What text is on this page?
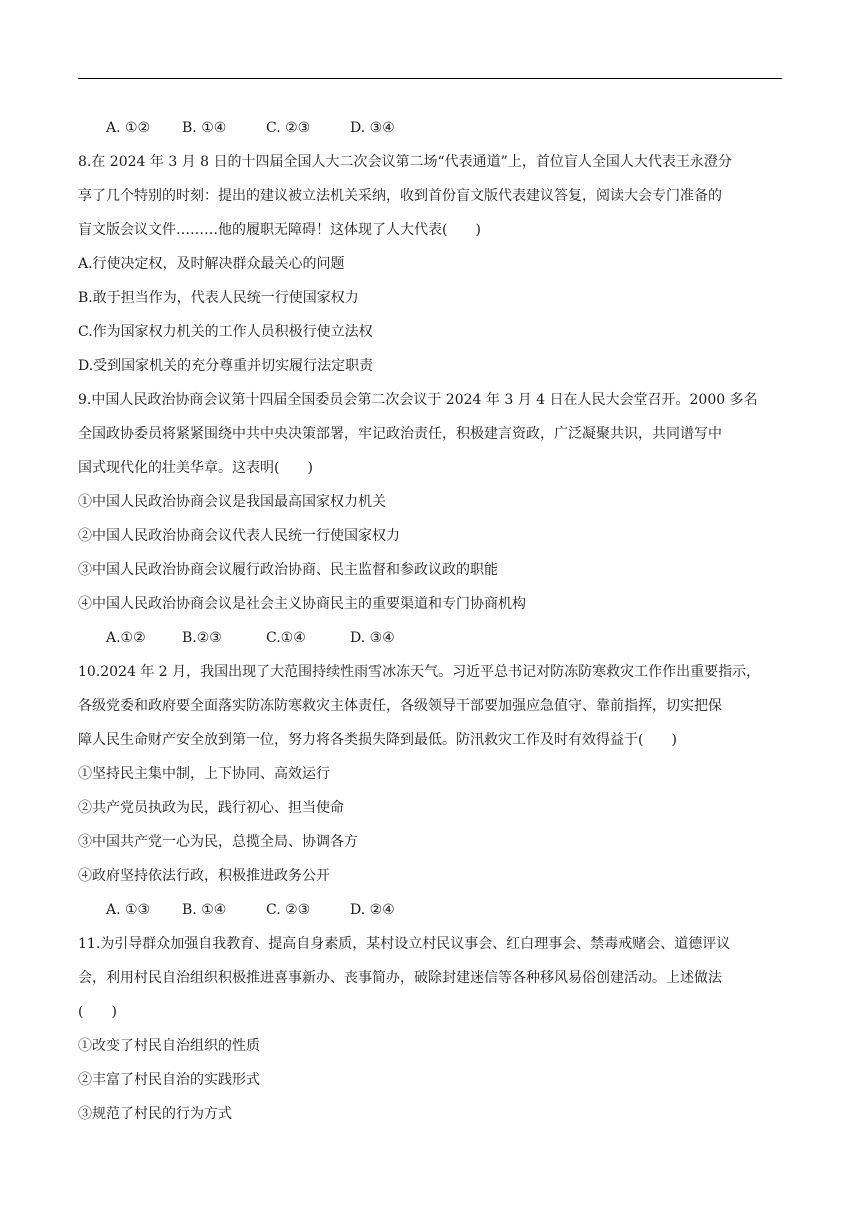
A. ①② B. ①④	C. ②③	D. ③④
8.在 2024 年 3 月 8 日的十四届全国人大二次会议第二场“代表通道”上，首位盲人全国人大代表王永澄分
享了几个特别的时刻：提出的建议被立法机关采纳，收到首份盲文版代表建议答复，阅读大会专门准备的
盲文版会议文件………他的履职无障碍！这体现了人大代表(　　)
A.行使决定权，及时解决群众最关心的问题
B.敢于担当作为，代表人民统一行使国家权力
C.作为国家权力机关的工作人员积极行使立法权
D.受到国家机关的充分尊重并切实履行法定职责
9.中国人民政治协商会议第十四届全国委员会第二次会议于 2024 年 3 月 4 日在人民大会堂召开。2000 多名
全国政协委员将紧紧围绕中共中央决策部署，牢记政治责任，积极建言资政，广泛凝聚共识，共同谱写中
国式现代化的壮美华章。这表明(　　)
①中国人民政治协商会议是我国最高国家权力机关
②中国人民政治协商会议代表人民统一行使国家权力
③中国人民政治协商会议履行政治协商、民主监督和参政议政的职能
④中国人民政治协商会议是社会主义协商民主的重要渠道和专门协商机构
A.①②	B.②③	C.①④	D. ③④
10.2024 年 2 月，我国出现了大范围持续性雨雪冰冻天气。习近平总书记对防冻防寒救灾工作作出重要指示，
各级党委和政府要全面落实防冻防寒救灾主体责任，各级领导干部要加强应急值守、靠前指挥，切实把保
障人民生命财产安全放到第一位，努力将各类损失降到最低。防汛救灾工作及时有效得益于(　　)
①坚持民主集中制，上下协同、高效运行
②共产党员执政为民，践行初心、担当使命
③中国共产党一心为民，总揽全局、协调各方
④政府坚持依法行政，积极推进政务公开
A. ①③ B. ①④	C. ②③	D. ②④
11.为引导群众加强自我教育、提高自身素质，某村设立村民议事会、红白理事会、禁毒戒赌会、道德评议
会，利用村民自治组织积极推进喜事新办、丧事简办，破除封建迷信等各种移风易俗创建活动。上述做法
(　　)
①改变了村民自治组织的性质
②丰富了村民自治的实践形式
③规范了村民的行为方式
